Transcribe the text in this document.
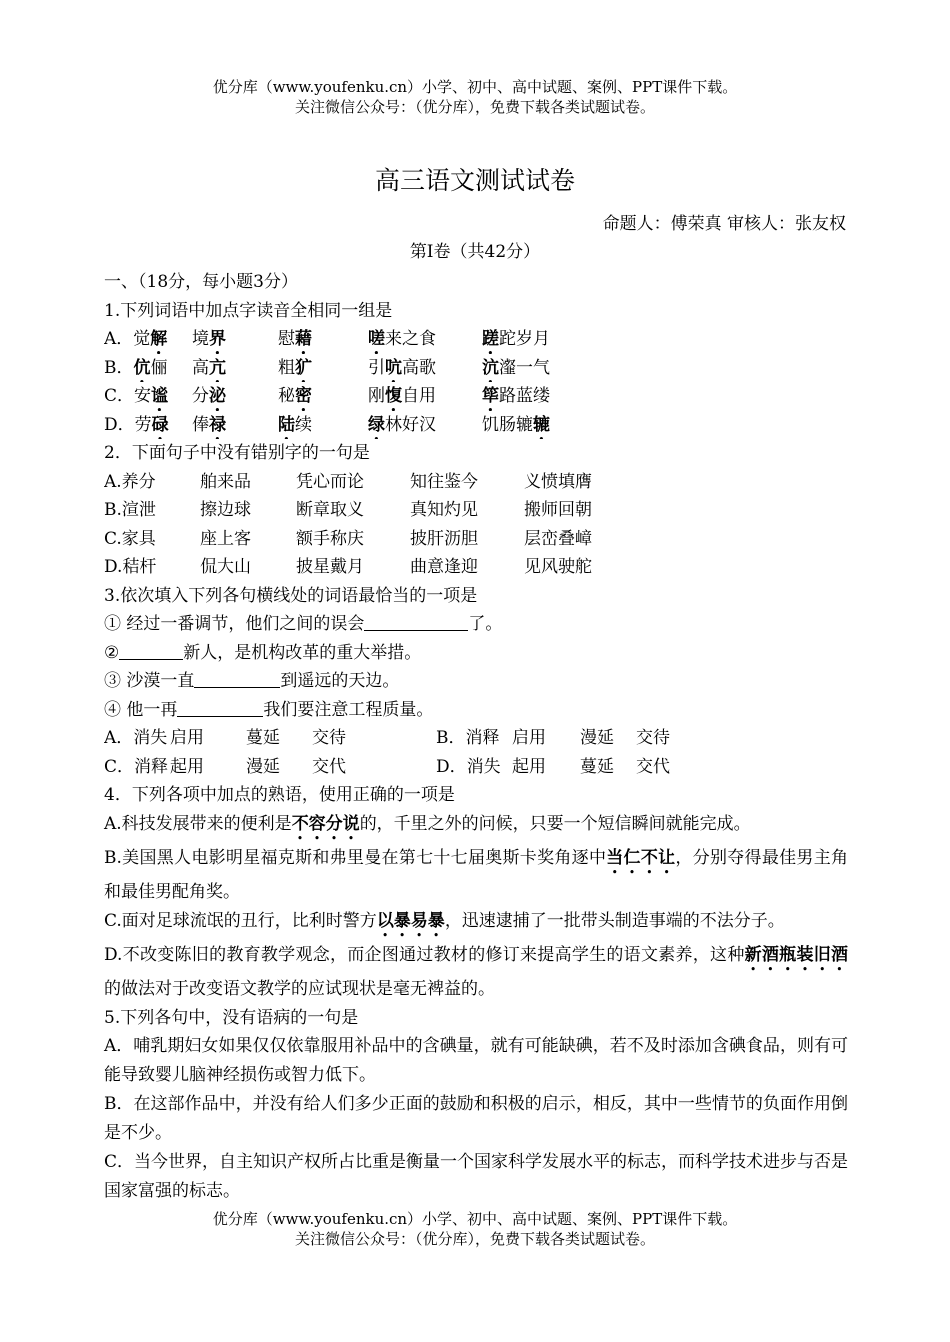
优分库（www.youfenku.cn）小学、初中、高中试题、案例、PPT课件下载。
关注微信公众号：（优分库），免费下载各类试题试卷。
高三语文测试试卷
命题人：傅荣真 审核人：张友权
第Ⅰ卷（共42分）
一、（18分，每小题3分）
1.下列词语中加点字读音全相同一组是
A．觉解 境界	慰藉	嗟来之食	蹉跎岁月
B．伉俪 高亢	粗犷	引吭高歌	沆瀣一气
C．安谧 分泌	秘密	刚愎自用	筚路蓝缕
D．劳碌 俸禄	陆续	绿林好汉	饥肠辘辘
2．下面句子中没有错别字的一句是
A.养分	舶来品	凭心而论	知往鉴今	义愤填膺
B.渲泄	擦边球	断章取义	真知灼见	搬师回朝
C.家具	座上客	额手称庆	披肝沥胆	层峦叠嶂
D.秸杆	侃大山	披星戴月	曲意逢迎	见风驶舵
3.依次填入下列各句横线处的词语最恰当的一项是
① 经过一番调节，他们之间的误会	了。
②	新人，是机构改革的重大举措。
③ 沙漠一直	到遥远的天边。
④ 他一再	我们要注意工程质量。
A．消失 启用 蔓延 交待	B．消释 启用 漫延 交待
C．消释 起用 漫延 交代	D．消失 起用 蔓延 交代
4．下列各项中加点的熟语，使用正确的一项是
A.科技发展带来的便利是不容分说的，千里之外的问候，只要一个短信瞬间就能完成。
B.美国黑人电影明星福克斯和弗里曼在第七十七届奥斯卡奖角逐中当仁不让，分别夺得最佳男主角和最佳男配角奖。
C.面对足球流氓的丑行，比利时警方以暴易暴，迅速逮捕了一批带头制造事端的不法分子。
D.不改变陈旧的教育教学观念，而企图通过教材的修订来提高学生的语文素养，这种新酒瓶装旧酒的做法对于改变语文教学的应试现状是毫无裨益的。
5.下列各句中，没有语病的一句是
A．哺乳期妇女如果仅仅依靠服用补品中的含碘量，就有可能缺碘，若不及时添加含碘食品，则有可能导致婴儿脑神经损伤或智力低下。
B．在这部作品中，并没有给人们多少正面的鼓励和积极的启示，相反，其中一些情节的负面作用倒是不少。
C．当今世界，自主知识产权所占比重是衡量一个国家科学发展水平的标志，而科学技术进步与否是国家富强的标志。
优分库（www.youfenku.cn）小学、初中、高中试题、案例、PPT课件下载。
关注微信公众号：（优分库），免费下载各类试题试卷。
